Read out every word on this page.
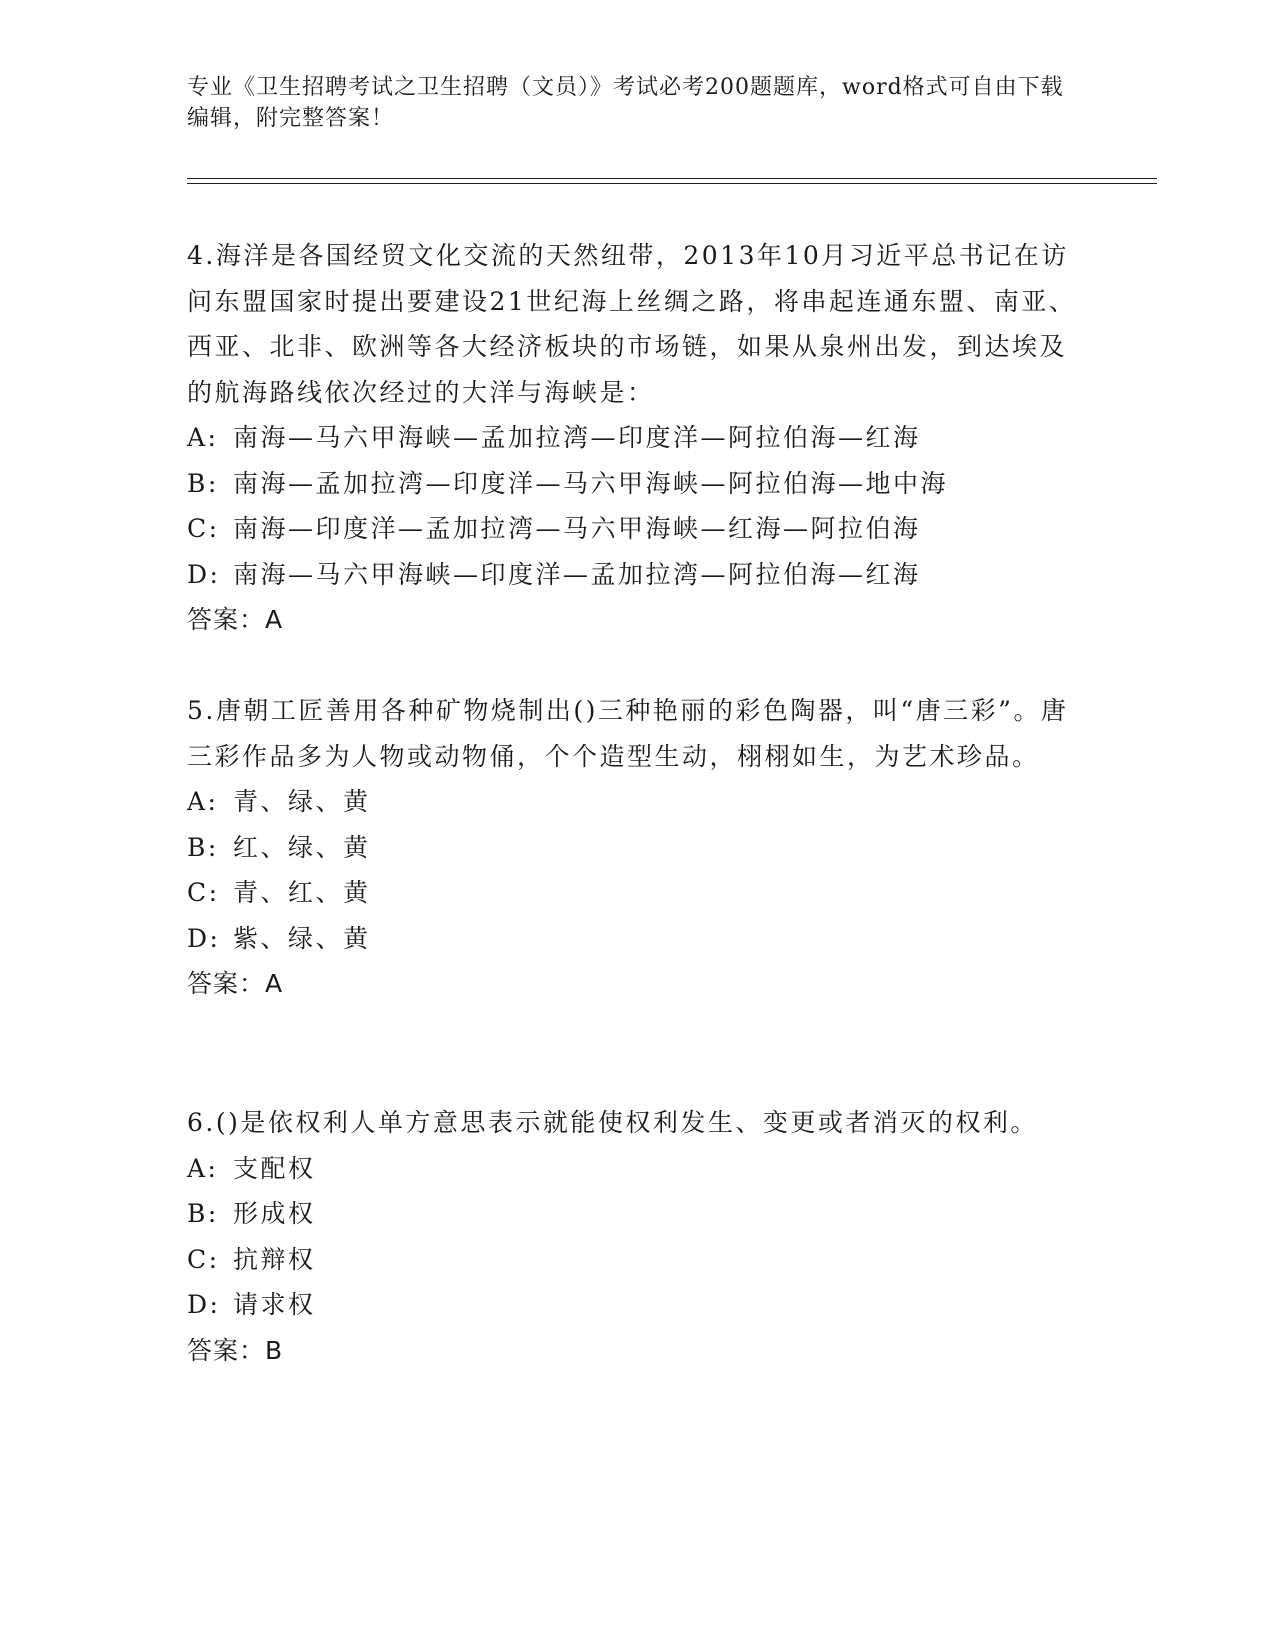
专业《卫生招聘考试之卫生招聘（文员）》考试必考200题题库，word格式可自由下载编辑，附完整答案！

4.海洋是各国经贸文化交流的天然纽带，2013年10月习近平总书记在访问东盟国家时提出要建设21世纪海上丝绸之路，将串起连通东盟、南亚、西亚、北非、欧洲等各大经济板块的市场链，如果从泉州出发，到达埃及的航海路线依次经过的大洋与海峡是：

A: 南海—马六甲海峡—孟加拉湾—印度洋—阿拉伯海—红海

B: 南海—孟加拉湾—印度洋—马六甲海峡—阿拉伯海—地中海

C: 南海—印度洋—孟加拉湾—马六甲海峡—红海—阿拉伯海

D: 南海—马六甲海峡—印度洋—孟加拉湾—阿拉伯海—红海

答案：A

5.唐朝工匠善用各种矿物烧制出()三种艳丽的彩色陶器，叫“唐三彩”。唐三彩作品多为人物或动物俑，个个造型生动，栩栩如生，为艺术珍品。

A: 青、绿、黄

B: 红、绿、黄

C: 青、红、黄

D: 紫、绿、黄

答案：A

6.()是依权利人单方意思表示就能使权利发生、变更或者消灭的权利。

A: 支配权

B: 形成权

C: 抗辩权

D: 请求权

答案：B
